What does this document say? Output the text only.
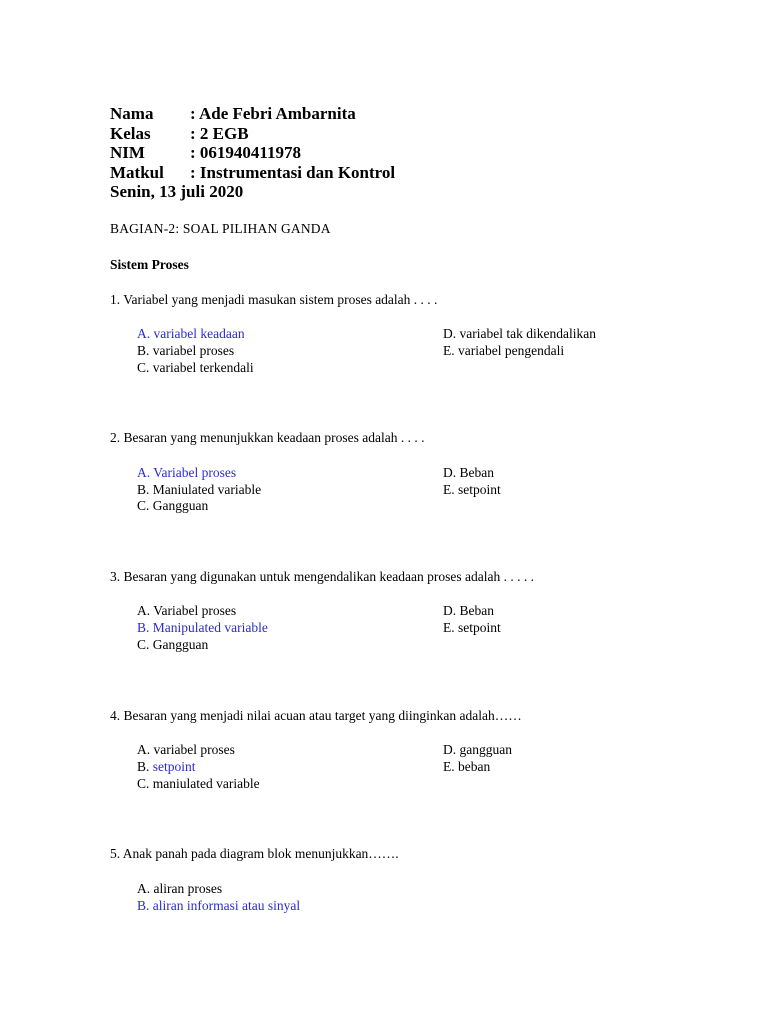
Nama : Ade Febri Ambarnita
Kelas : 2 EGB
NIM	: 061940411978
Matkul : Instrumentasi dan Kontrol
Senin, 13 juli 2020
BAGIAN-2: SOAL PILIHAN GANDA
Sistem Proses
1. Variabel yang menjadi masukan sistem proses adalah . . . .
A. variabel keadaan
B. variabel proses
C. variabel terkendali
D. variabel tak dikendalikan
E. variabel pengendali
2. Besaran yang menunjukkan keadaan proses adalah . . . .
A. Variabel proses
B. Maniulated variable
C. Gangguan
D. Beban
E. setpoint
3. Besaran yang digunakan untuk mengendalikan keadaan proses adalah . . . . .
A. Variabel proses
B. Manipulated variable
C. Gangguan
D. Beban
E. setpoint
4. Besaran yang menjadi nilai acuan atau target yang diinginkan adalah……
A. variabel proses
B. setpoint
C. maniulated variable
D. gangguan
E. beban
5. Anak panah pada diagram blok menunjukkan…….
A. aliran proses
B. aliran informasi atau sinyal
